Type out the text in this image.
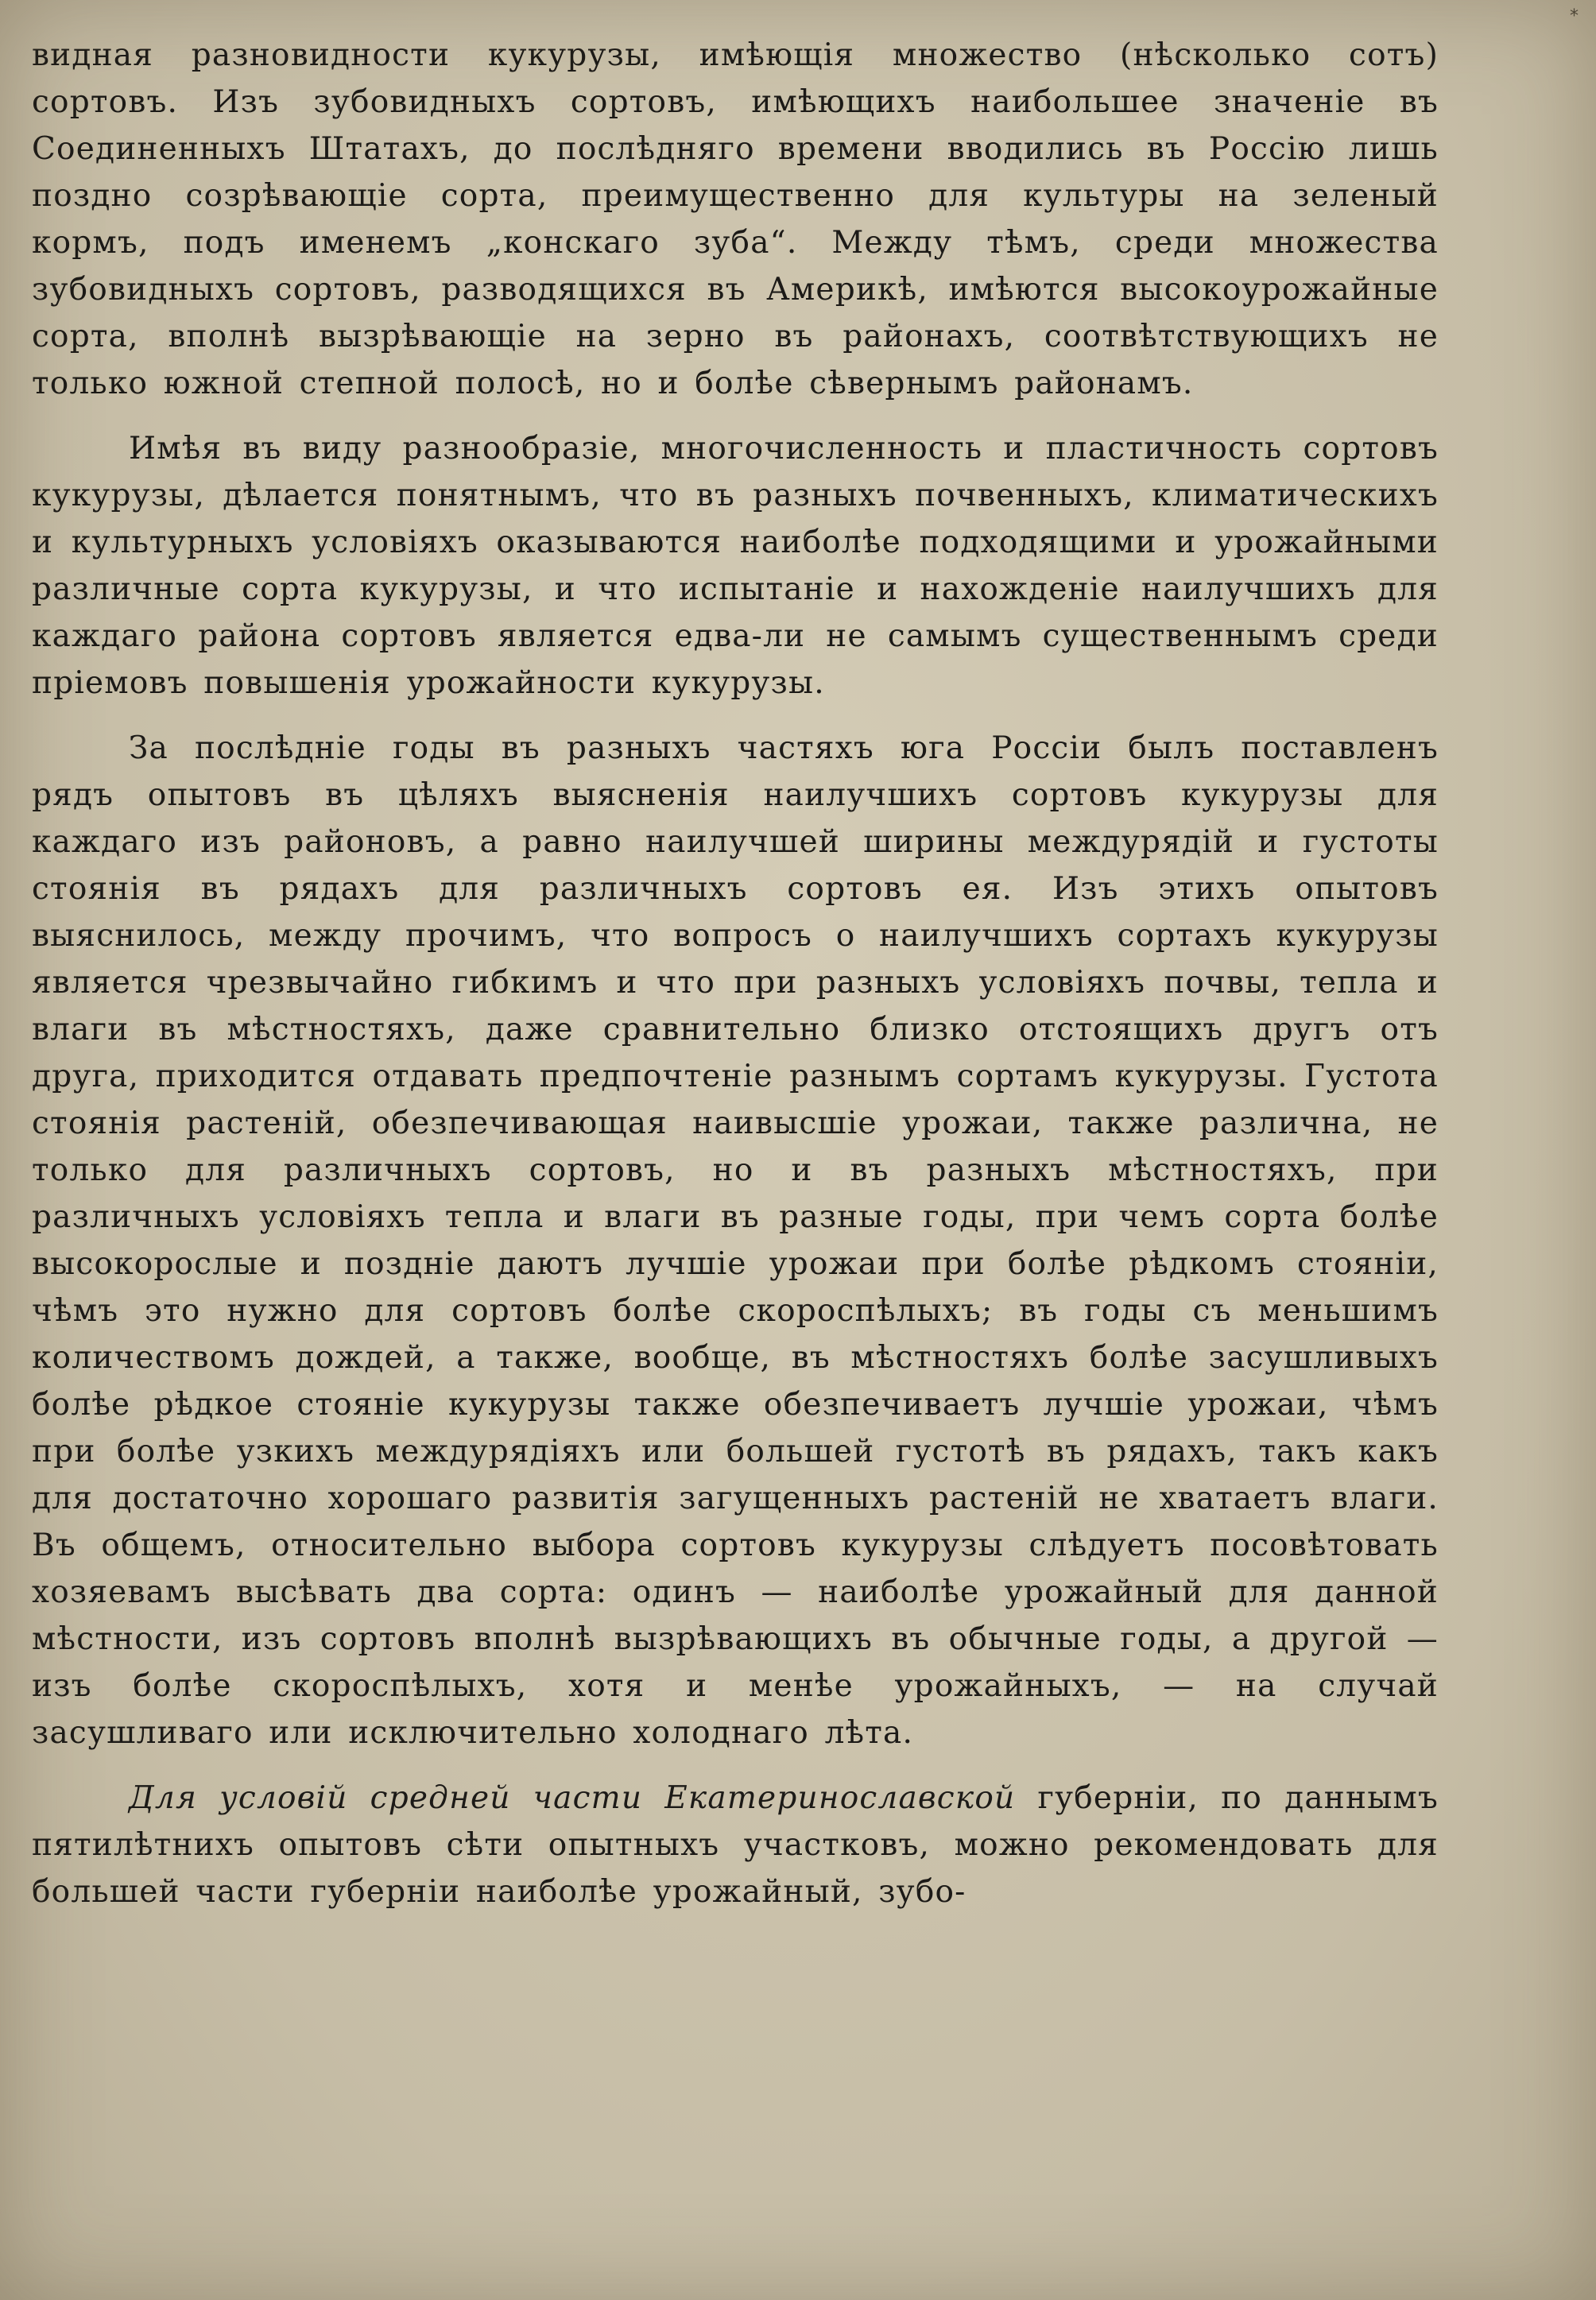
*

видная разновидности кукурузы, имѣющія множество (нѣсколько сотъ) сортовъ. Изъ зубовидныхъ сортовъ, имѣющихъ наибольшее значеніе въ Соединенныхъ Штатахъ, до послѣдняго времени вводились въ Россію лишь поздно созрѣвающіе сорта, преимущественно для культуры на зеленый кормъ, подъ именемъ „конскаго зуба“. Между тѣмъ, среди множества зубовидныхъ сортовъ, разводящихся въ Америкѣ, имѣются высокоурожайные сорта, вполнѣ вызрѣвающіе на зерно въ районахъ, соотвѣтствующихъ не только южной степной полосѣ, но и болѣе сѣвернымъ районамъ.

Имѣя въ виду разнообразіе, многочисленность и пластичность сортовъ кукурузы, дѣлается понятнымъ, что въ разныхъ почвенныхъ, климатическихъ и культурныхъ условіяхъ оказываются наиболѣе подходящими и урожайными различные сорта кукурузы, и что испытаніе и нахожденіе наилучшихъ для каждаго района сортовъ является едва-ли не самымъ существеннымъ среди пріемовъ повышенія урожайности кукурузы.

За послѣдніе годы въ разныхъ частяхъ юга Россіи былъ поставленъ рядъ опытовъ въ цѣляхъ выясненія наилучшихъ сортовъ кукурузы для каждаго изъ районовъ, а равно наилучшей ширины междурядій и густоты стоянія въ рядахъ для различныхъ сортовъ ея. Изъ этихъ опытовъ выяснилось, между прочимъ, что вопросъ о наилучшихъ сортахъ кукурузы является чрезвычайно гибкимъ и что при разныхъ условіяхъ почвы, тепла и влаги въ мѣстностяхъ, даже сравнительно близко отстоящихъ другъ отъ друга, приходится отдавать предпочтеніе разнымъ сортамъ кукурузы. Густота стоянія растеній, обезпечивающая наивысшіе урожаи, также различна, не только для различныхъ сортовъ, но и въ разныхъ мѣстностяхъ, при различныхъ условіяхъ тепла и влаги въ разные годы, при чемъ сорта болѣе высокорослые и поздніе даютъ лучшіе урожаи при болѣе рѣдкомъ стояніи, чѣмъ это нужно для сортовъ болѣе скороспѣлыхъ; въ годы съ меньшимъ количествомъ дождей, а также, вообще, въ мѣстностяхъ болѣе засушливыхъ болѣе рѣдкое стояніе кукурузы также обезпечиваетъ лучшіе урожаи, чѣмъ при болѣе узкихъ междурядіяхъ или большей густотѣ въ рядахъ, такъ какъ для достаточно хорошаго развитія загущенныхъ растеній не хватаетъ влаги. Въ общемъ, относительно выбора сортовъ кукурузы слѣдуетъ посовѣтовать хозяевамъ высѣвать два сорта: одинъ — наиболѣе урожайный для данной мѣстности, изъ сортовъ вполнѣ вызрѣвающихъ въ обычные годы, а другой — изъ болѣе скороспѣлыхъ, хотя и менѣе урожайныхъ, — на случай засушливаго или исключительно холоднаго лѣта.

Для условій средней части Екатеринославской губерніи, по даннымъ пятилѣтнихъ опытовъ сѣти опытныхъ участковъ, можно рекомендовать для большей части губерніи наиболѣе урожайный, зубо-
